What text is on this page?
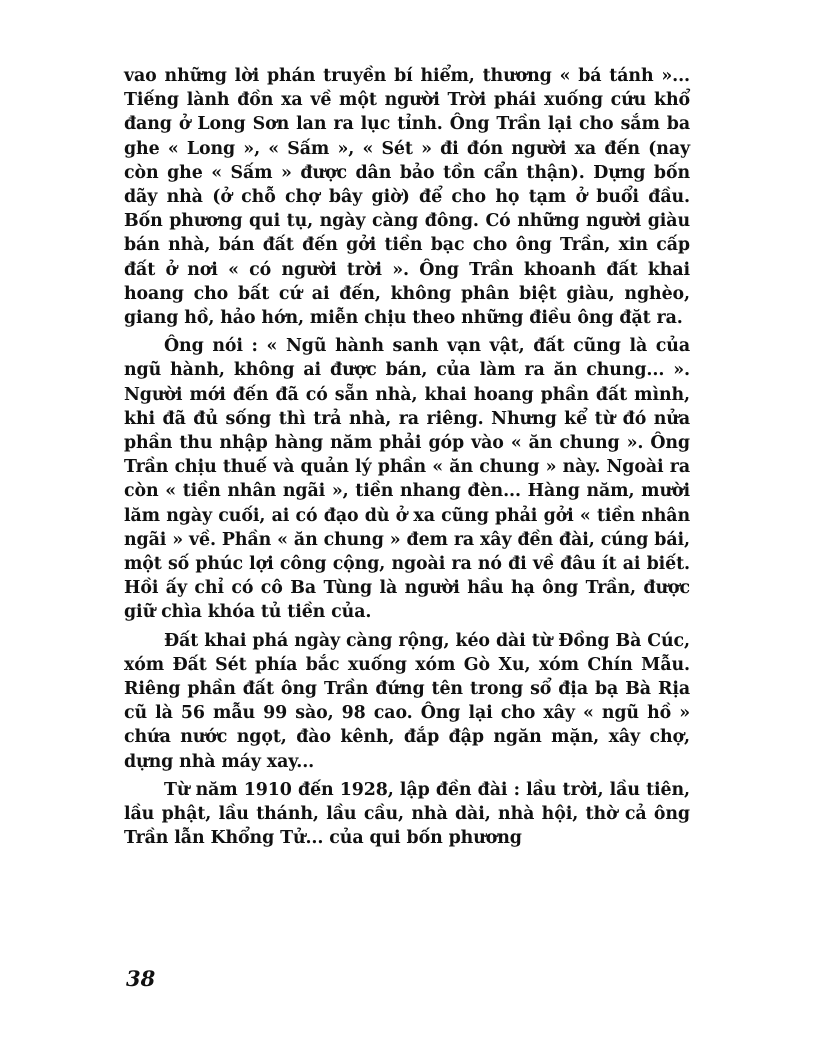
vao những lời phán truyền bí hiểm, thương « bá tánh »... Tiếng lành đồn xa về một người Trời phái xuống cứu khổ đang ở Long Sơn lan ra lục tỉnh. Ông Trần lại cho sắm ba ghe « Long », « Sấm », « Sét » đi đón người xa đến (nay còn ghe « Sấm » được dân bảo tồn cẩn thận). Dựng bốn dãy nhà (ở chỗ chợ bây giờ) để cho họ tạm ở buổi đầu. Bốn phương qui tụ, ngày càng đông. Có những người giàu bán nhà, bán đất đến gởi tiền bạc cho ông Trần, xin cấp đất ở nơi « có người trời ». Ông Trần khoanh đất khai hoang cho bất cứ ai đến, không phân biệt giàu, nghèo, giang hồ, hảo hớn, miễn chịu theo những điều ông đặt ra.

Ông nói : « Ngũ hành sanh vạn vật, đất cũng là của ngũ hành, không ai được bán, của làm ra ăn chung... ». Người mới đến đã có sẵn nhà, khai hoang phần đất mình, khi đã đủ sống thì trả nhà, ra riêng. Nhưng kể từ đó nửa phần thu nhập hàng năm phải góp vào « ăn chung ». Ông Trần chịu thuế và quản lý phần « ăn chung » này. Ngoài ra còn « tiền nhân ngãi », tiền nhang đèn... Hàng năm, mười lăm ngày cuối, ai có đạo dù ở xa cũng phải gởi « tiền nhân ngãi » về. Phần « ăn chung » đem ra xây đền đài, cúng bái, một số phúc lợi công cộng, ngoài ra nó đi về đâu ít ai biết. Hồi ấy chỉ có cô Ba Tùng là người hầu hạ ông Trần, được giữ chìa khóa tủ tiền của.

Đất khai phá ngày càng rộng, kéo dài từ Đồng Bà Cúc, xóm Đất Sét phía bắc xuống xóm Gò Xu, xóm Chín Mẫu. Riêng phần đất ông Trần đứng tên trong sổ địa bạ Bà Rịa cũ là 56 mẫu 99 sào, 98 cao. Ông lại cho xây « ngũ hồ » chứa nước ngọt, đào kênh, đắp đập ngăn mặn, xây chợ, dựng nhà máy xay...

Từ năm 1910 đến 1928, lập đền đài : lầu trời, lầu tiên, lầu phật, lầu thánh, lầu cầu, nhà dài, nhà hội, thờ cả ông Trần lẫn Khổng Tử... của qui bốn phương

38
